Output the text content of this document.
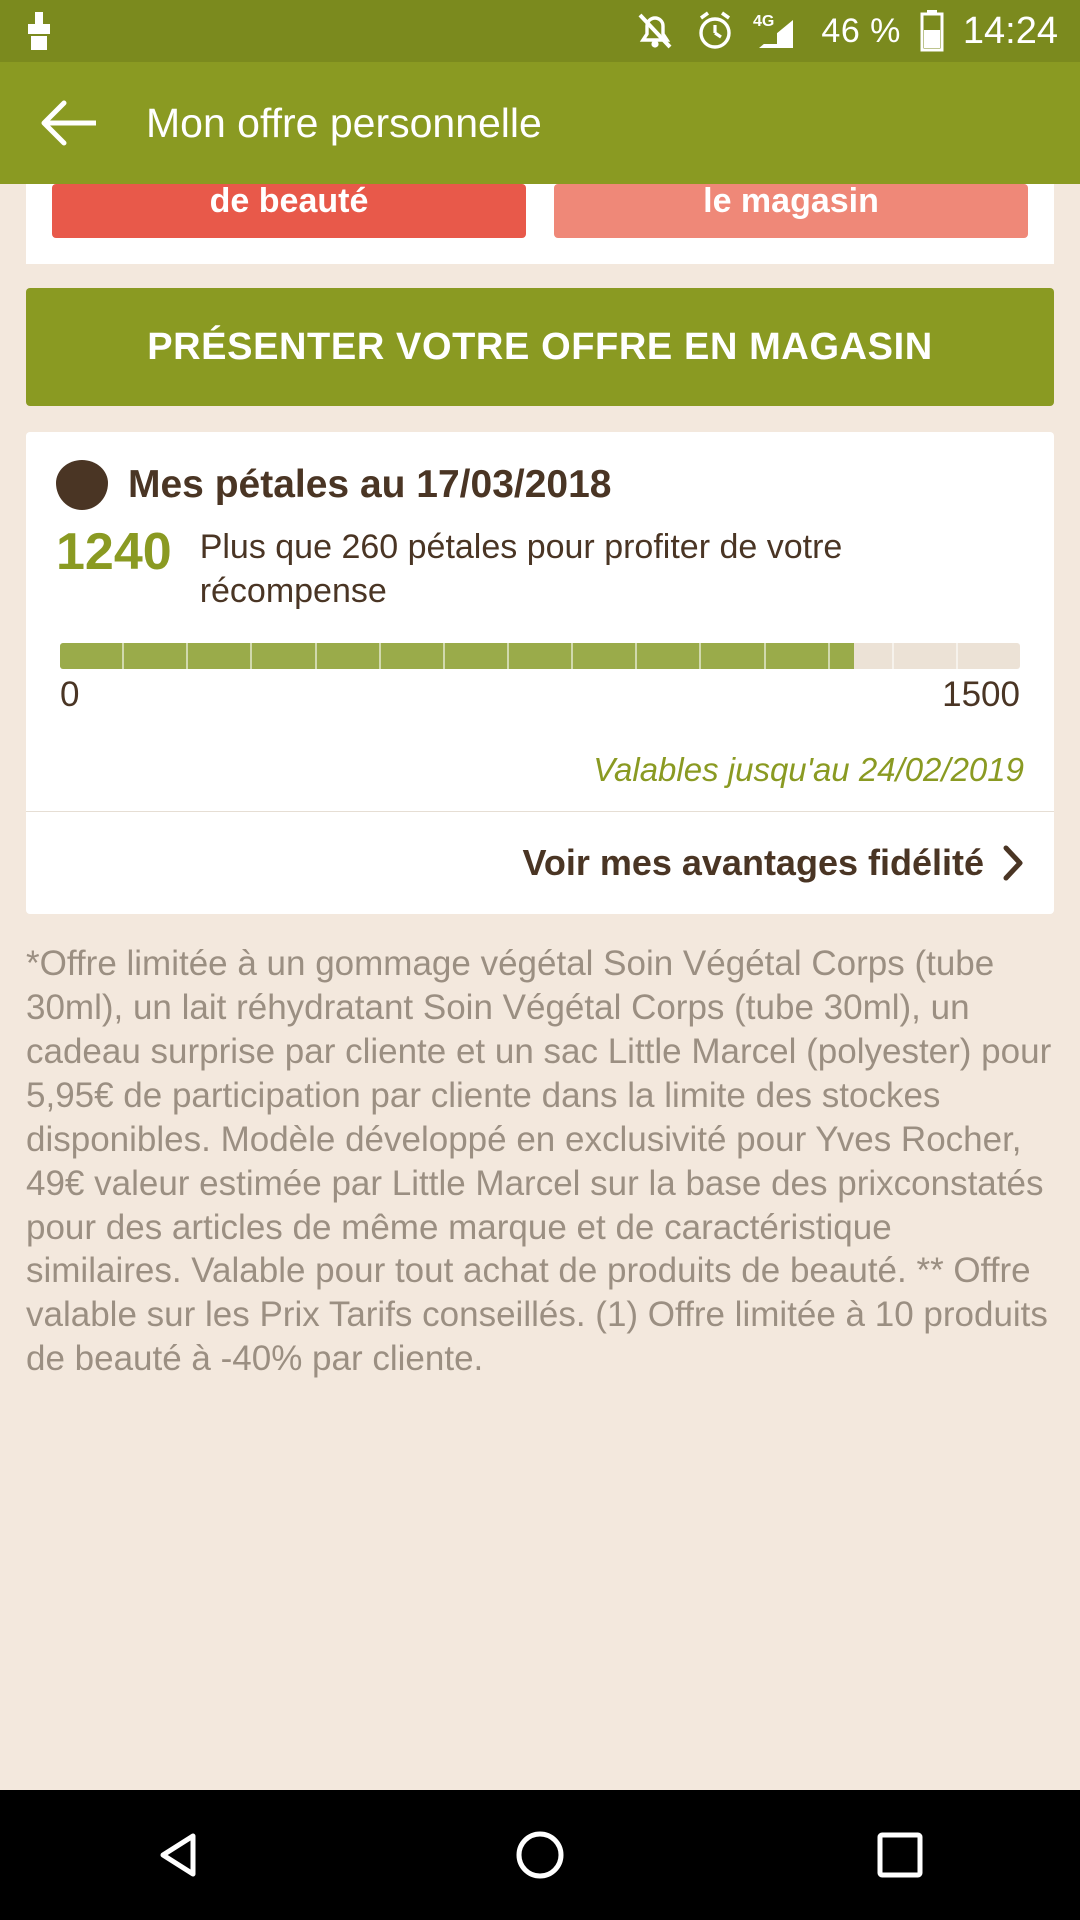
4G 46 % 14:24
Mon offre personnelle
de beauté	le magasin
PRÉSENTER VOTRE OFFRE EN MAGASIN
Mes pétales au 17/03/2018
1240 Plus que 260 pétales pour profiter de votre récompense
0	1500
Valables jusqu'au 24/02/2019
Voir mes avantages fidélité
*Offre limitée à un gommage végétal Soin Végétal Corps (tube 30ml), un lait réhydratant Soin Végétal Corps (tube 30ml), un cadeau surprise par cliente et un sac Little Marcel (polyester) pour 5,95€ de participation par cliente dans la limite des stockes disponibles. Modèle développé en exclusivité pour Yves Rocher, 49€ valeur estimée par Little Marcel sur la base des prixconstatés pour des articles de même marque et de caractéristique similaires. Valable pour tout achat de produits de beauté. ** Offre valable sur les Prix Tarifs conseillés. (1) Offre limitée à 10 produits de beauté à -40% par cliente.
